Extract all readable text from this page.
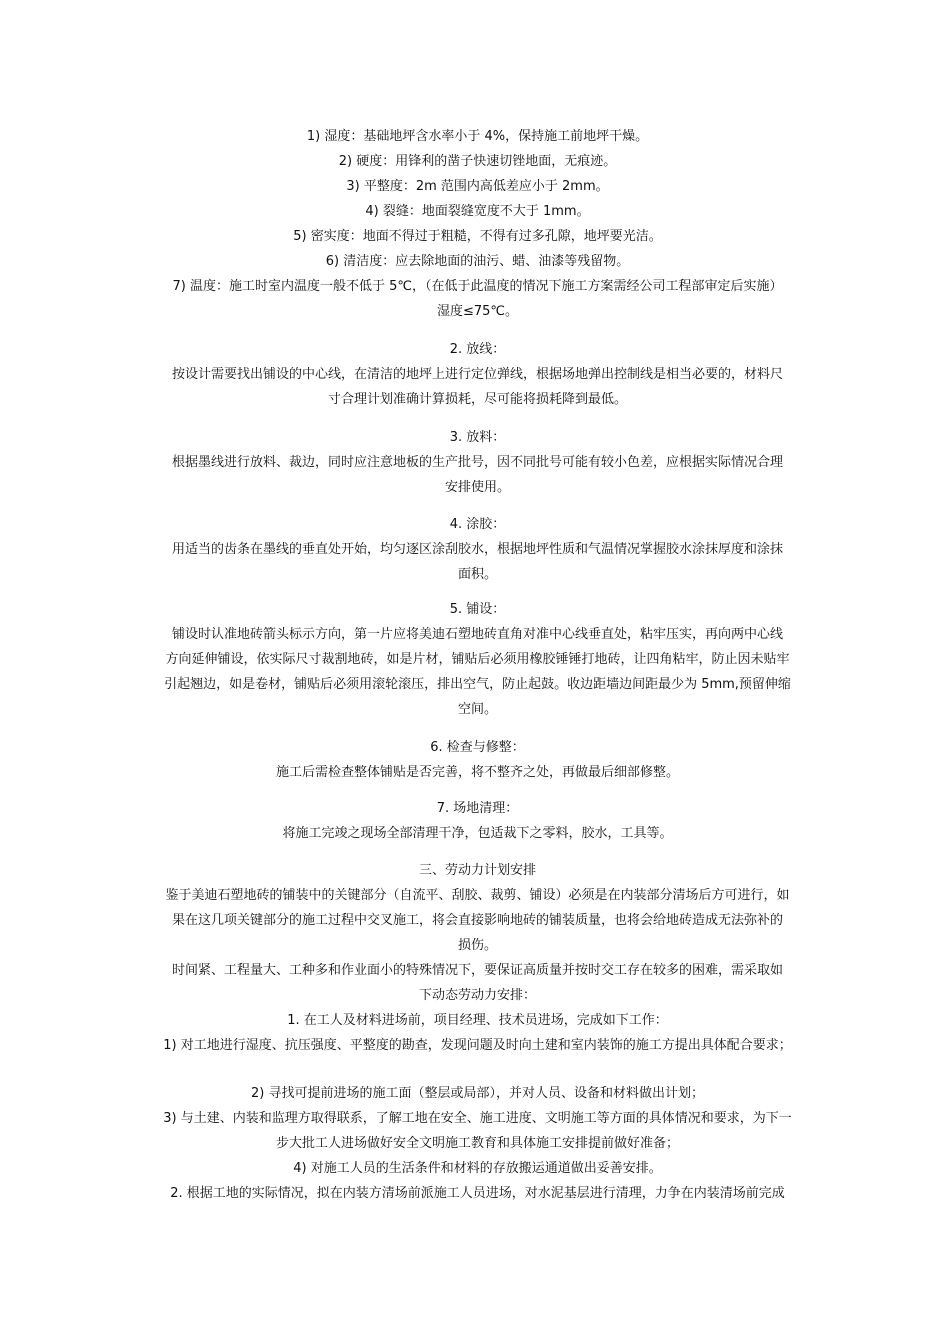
1) 湿度：基础地坪含水率小于 4%，保持施工前地坪干燥。
2) 硬度：用锋利的凿子快速切锉地面，无痕迹。
3) 平整度：2m 范围内高低差应小于 2mm。
4) 裂缝：地面裂缝宽度不大于 1mm。
5) 密实度：地面不得过于粗糙，不得有过多孔隙，地坪要光洁。
6) 清洁度：应去除地面的油污、蜡、油漆等残留物。
7) 温度：施工时室内温度一般不低于 5℃，（在低于此温度的情况下施工方案需经公司工程部审定后实施）
湿度≤75℃。
2. 放线：
按设计需要找出铺设的中心线，在清洁的地坪上进行定位弹线，根据场地弹出控制线是相当必要的，材料尺
寸合理计划准确计算损耗，尽可能将损耗降到最低。
3. 放料：
根据墨线进行放料、裁边，同时应注意地板的生产批号，因不同批号可能有较小色差，应根据实际情况合理
安排使用。
4. 涂胶：
用适当的齿条在墨线的垂直处开始，均匀逐区涂刮胶水，根据地坪性质和气温情况掌握胶水涂抹厚度和涂抹
面积。
5. 铺设：
铺设时认准地砖箭头标示方向，第一片应将美迪石塑地砖直角对准中心线垂直处，粘牢压实，再向两中心线
方向延伸铺设，依实际尺寸裁割地砖，如是片材，铺贴后必须用橡胶锤锤打地砖，让四角粘牢，防止因未贴牢
引起翘边，如是卷材，铺贴后必须用滚轮滚压，排出空气，防止起鼓。收边距墙边间距最少为 5mm,预留伸缩
空间。
6. 检查与修整：
施工后需检查整体铺贴是否完善，将不整齐之处，再做最后细部修整。
7. 场地清理：
将施工完竣之现场全部清理干净，包适裁下之零料，胶水，工具等。
三、劳动力计划安排
鉴于美迪石塑地砖的铺装中的关键部分（自流平、刮胶、裁剪、铺设）必须是在内装部分清场后方可进行，如
果在这几项关键部分的施工过程中交叉施工，将会直接影响地砖的铺装质量，也将会给地砖造成无法弥补的
损伤。
时间紧、工程量大、工种多和作业面小的特殊情况下，要保证高质量并按时交工存在较多的困难，需采取如
下动态劳动力安排：
1. 在工人及材料进场前，项目经理、技术员进场，完成如下工作：
1) 对工地进行湿度、抗压强度、平整度的勘查，发现问题及时向土建和室内装饰的施工方提出具体配合要求；
2) 寻找可提前进场的施工面（整层或局部），并对人员、设备和材料做出计划；
3) 与土建、内装和监理方取得联系，了解工地在安全、施工进度、文明施工等方面的具体情况和要求，为下一
步大批工人进场做好安全文明施工教育和具体施工安排提前做好准备；
4) 对施工人员的生活条件和材料的存放搬运通道做出妥善安排。
2. 根据工地的实际情况，拟在内装方清场前派施工人员进场，对水泥基层进行清理，力争在内装清场前完成
